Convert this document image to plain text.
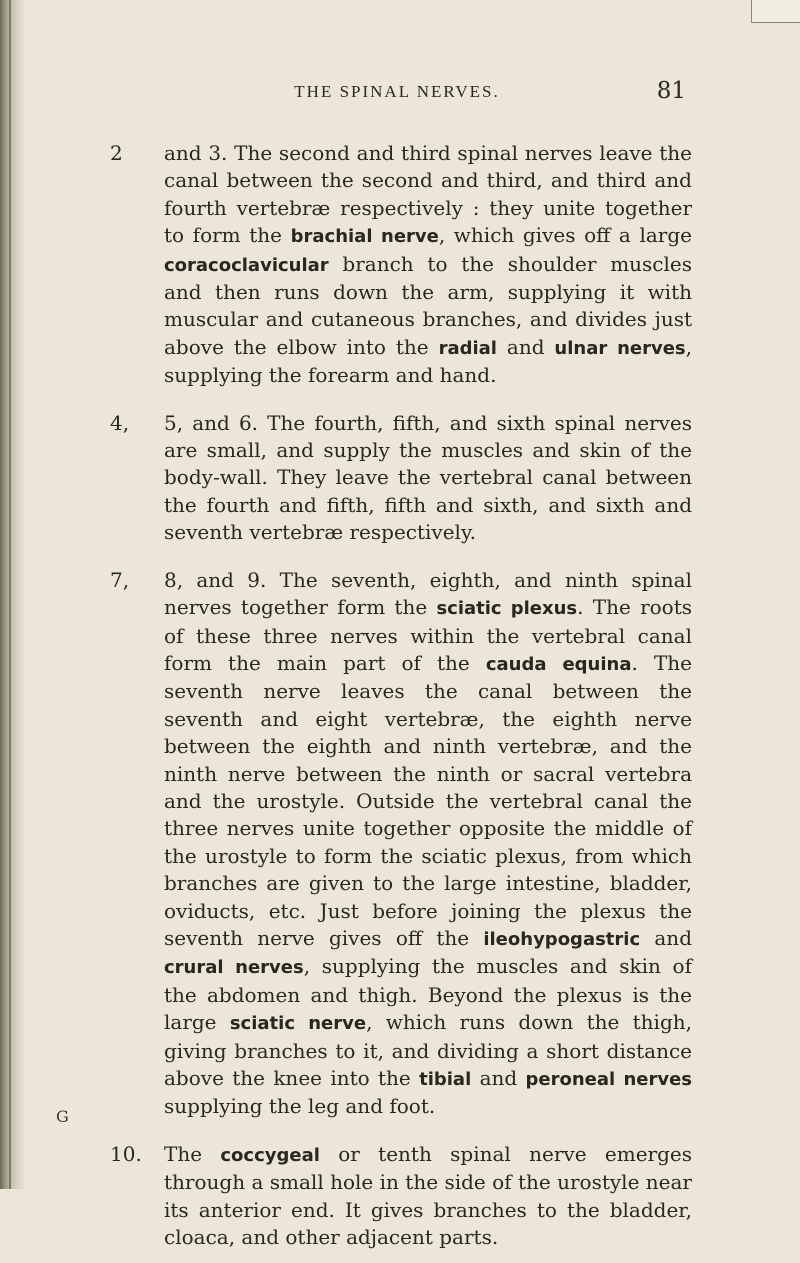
THE SPINAL NERVES.	81

2 and 3. The second and third spinal nerves leave the canal between the second and third, and third and fourth vertebræ respectively : they unite together to form the brachial nerve, which gives off a large coracoclavicular branch to the shoulder muscles and then runs down the arm, supplying it with muscular and cutaneous branches, and divides just above the elbow into the radial and ulnar nerves, supplying the forearm and hand.

4, 5, and 6. The fourth, fifth, and sixth spinal nerves are small, and supply the muscles and skin of the body-wall. They leave the vertebral canal between the fourth and fifth, fifth and sixth, and sixth and seventh vertebræ respectively.

7, 8, and 9. The seventh, eighth, and ninth spinal nerves together form the sciatic plexus. The roots of these three nerves within the vertebral canal form the main part of the cauda equina. The seventh nerve leaves the canal between the seventh and eight vertebræ, the eighth nerve between the eighth and ninth vertebræ, and the ninth nerve between the ninth or sacral vertebra and the urostyle. Outside the vertebral canal the three nerves unite together opposite the middle of the urostyle to form the sciatic plexus, from which branches are given to the large intestine, bladder, oviducts, etc. Just before joining the plexus the seventh nerve gives off the ileohypogastric and crural nerves, supplying the muscles and skin of the abdomen and thigh. Beyond the plexus is the large sciatic nerve, which runs down the thigh, giving branches to it, and dividing a short distance above the knee into the tibial and peroneal nerves supplying the leg and foot.

10. The coccygeal or tenth spinal nerve emerges through a small hole in the side of the urostyle near its anterior end. It gives branches to the bladder, cloaca, and other adjacent parts.

G
